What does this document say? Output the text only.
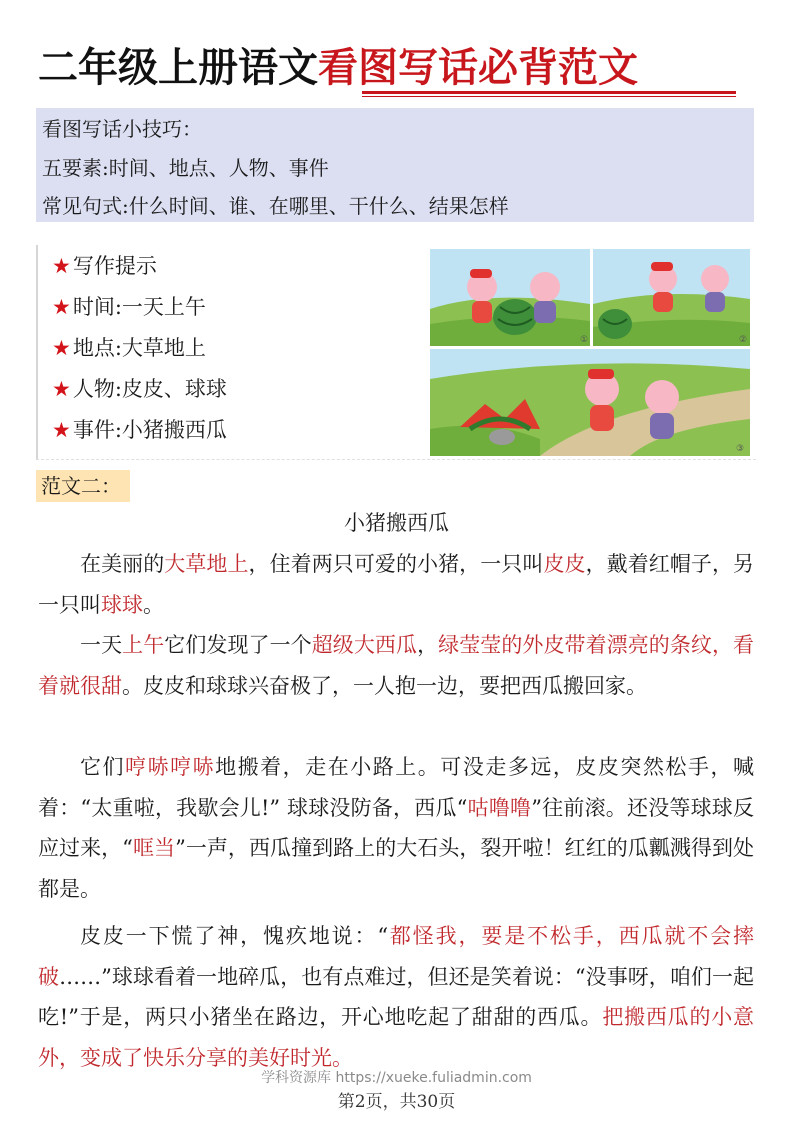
二年级上册语文看图写话必背范文
看图写话小技巧：
五要素:时间、地点、人物、事件
常见句式:什么时间、谁、在哪里、干什么、结果怎样
★写作提示
★时间:一天上午
★地点:大草地上
★人物:皮皮、球球
★事件:小猪搬西瓜
①	②
③
范文二：
小猪搬西瓜
在美丽的大草地上，住着两只可爱的小猪，一只叫皮皮，戴着红帽子，另一只叫球球。
一天上午它们发现了一个超级大西瓜，绿莹莹的外皮带着漂亮的条纹，看着就很甜。皮皮和球球兴奋极了，一人抱一边，要把西瓜搬回家。
它们哼哧哼哧地搬着，走在小路上。可没走多远，皮皮突然松手，喊着：“太重啦，我歇会儿!” 球球没防备，西瓜“咕噜噜”往前滚。还没等球球反应过来，“哐当”一声，西瓜撞到路上的大石头，裂开啦！红红的瓜瓤溅得到处都是。
皮皮一下慌了神，愧疚地说：“都怪我，要是不松手，西瓜就不会摔破……”球球看着一地碎瓜，也有点难过，但还是笑着说：“没事呀，咱们一起吃!”于是，两只小猪坐在路边，开心地吃起了甜甜的西瓜。把搬西瓜的小意外，变成了快乐分享的美好时光。
学科资源库 https://xueke.fuliadmin.com
第2页，共30页
